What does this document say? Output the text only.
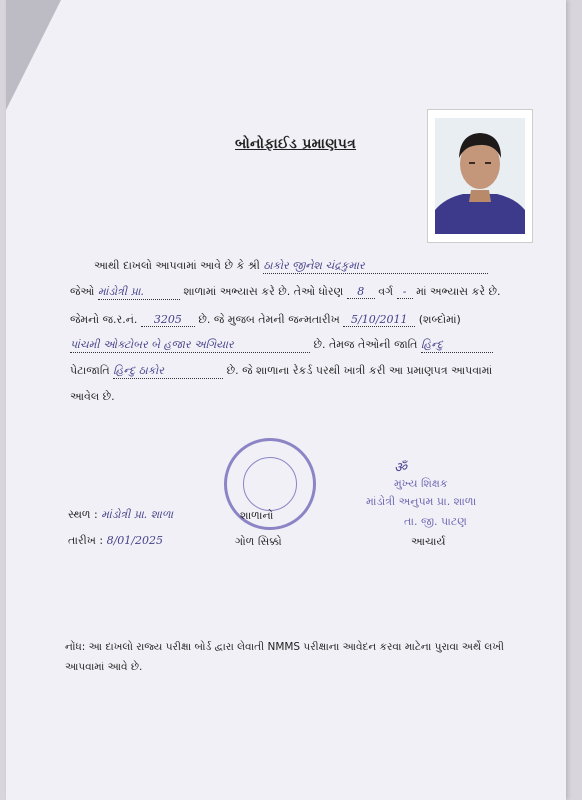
બોનોફાઈડ પ્રમાણપત્ર
આથી દાખલો આપવામાં આવે છે કે શ્રી ઠાકોર જીનેશ ચંદ્રકુમાર
જેઓ માંડોત્રી પ્રા.	શાળામાં અભ્યાસ કરે છે. તેઓ ધોરણ 8 વર્ગ - માં અભ્યાસ કરે છે.
જેમનો જ.ર.નં. 3205 છે. જે મુજબ તેમની જન્મતારીખ 5/10/2011 (શબ્દોમાં)
પાંચમી ઓક્ટોબર બે હજાર અગિયાર	છે. તેમજ તેઓની જાતિ હિન્દુ
પેટાજાતિ હિન્દુ ઠાકોર	છે. જે શાળાના રેકર્ડ પરથી ખાત્રી કરી આ પ્રમાણપત્ર આપવામાં
આવેલ છે.
ॐ
મુખ્ય શિક્ષક
માંડોત્રી અનુપમ પ્રા. શાળા
તા. જી. પાટણ
સ્થળ : માંડોત્રી પ્રા. શાળા	શાળાનો
તારીખ : 8/01/2025	ગોળ સિક્કો	આચાર્ય
નોંધ: આ દાખલો રાજ્ય પરીક્ષા બોર્ડ દ્વારા લેવાતી NMMS પરીક્ષાના આવેદન કરવા માટેના પુરાવા અર્થે લખી
આપવામાં આવે છે.
